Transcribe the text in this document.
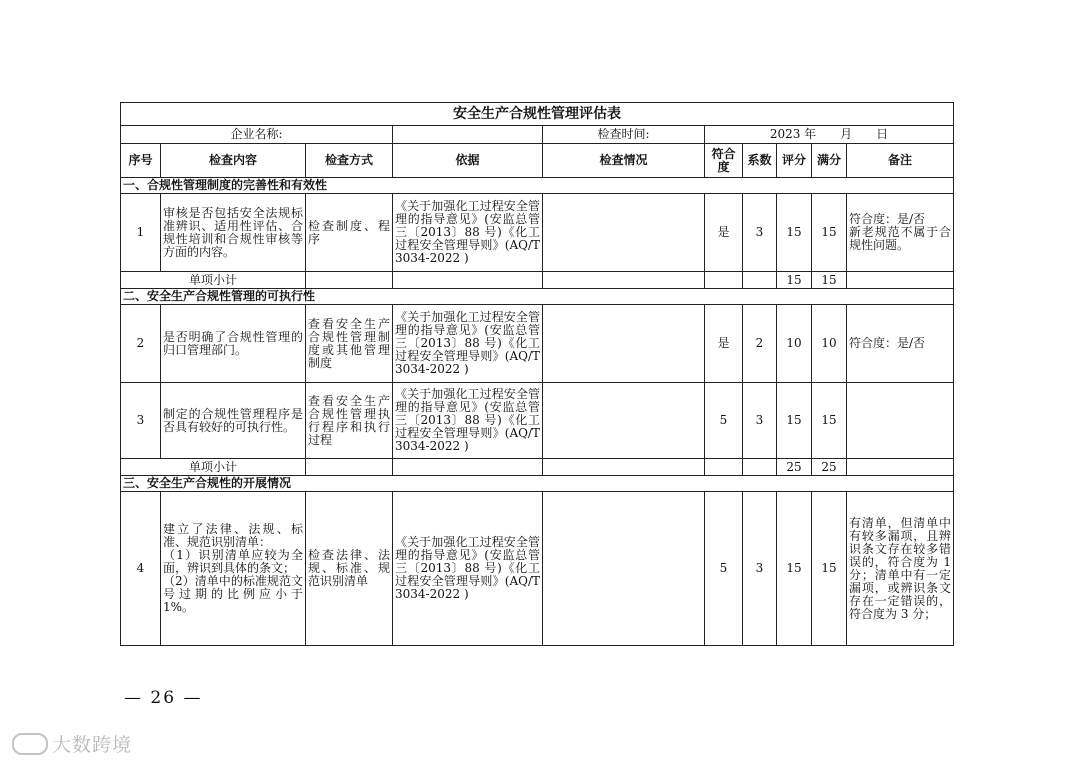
安全生产合规性管理评估表									
企业名称:				检查时间:	2023 年　　月　　日				
序号	检查内容	检查方式	依据	检查情况	符合度	系数	评分	满分	备注
一、合规性管理制度的完善性和有效性									
1	审核是否包括安全法规标准辨识、适用性评估、合规性培训和合规性审核等方面的内容。	检查制度、程序	《关于加强化工过程安全管理的指导意见》(安监总管三〔2013〕88 号)《化工过程安全管理导则》(AQ/T 3034-2022 )		是	3	15	15	符合度：是/否
新老规范不属于合规性问题。
单项小计							15	15	
二、安全生产合规性管理的可执行性									
2	是否明确了合规性管理的归口管理部门。	查看安全生产合规性管理制度或其他管理制度	《关于加强化工过程安全管理的指导意见》(安监总管三〔2013〕88 号)《化工过程安全管理导则》(AQ/T 3034-2022 )		是	2	10	10	符合度：是/否
3	制定的合规性管理程序是否具有较好的可执行性。	查看安全生产合规性管理执行程序和执行过程	《关于加强化工过程安全管理的指导意见》(安监总管三〔2013〕88 号)《化工过程安全管理导则》(AQ/T 3034-2022 )		5	3	15	15	
单项小计							25	25	
三、安全生产合规性的开展情况									
4	建立了法律、法规、标准、规范识别清单：
（1）识别清单应较为全面，辨识到具体的条文；
（2）清单中的标准规范文号过期的比例应小于 1%。	检查法律、法规、标准、规范识别清单	《关于加强化工过程安全管理的指导意见》(安监总管三〔2013〕88 号)《化工过程安全管理导则》(AQ/T 3034-2022 )		5	3	15	15	有清单，但清单中有较多漏项，且辨识条文存在较多错误的，符合度为 1 分；清单中有一定漏项，或辨识条文存在一定错误的，符合度为 3 分；
— 26 —
大数跨境
